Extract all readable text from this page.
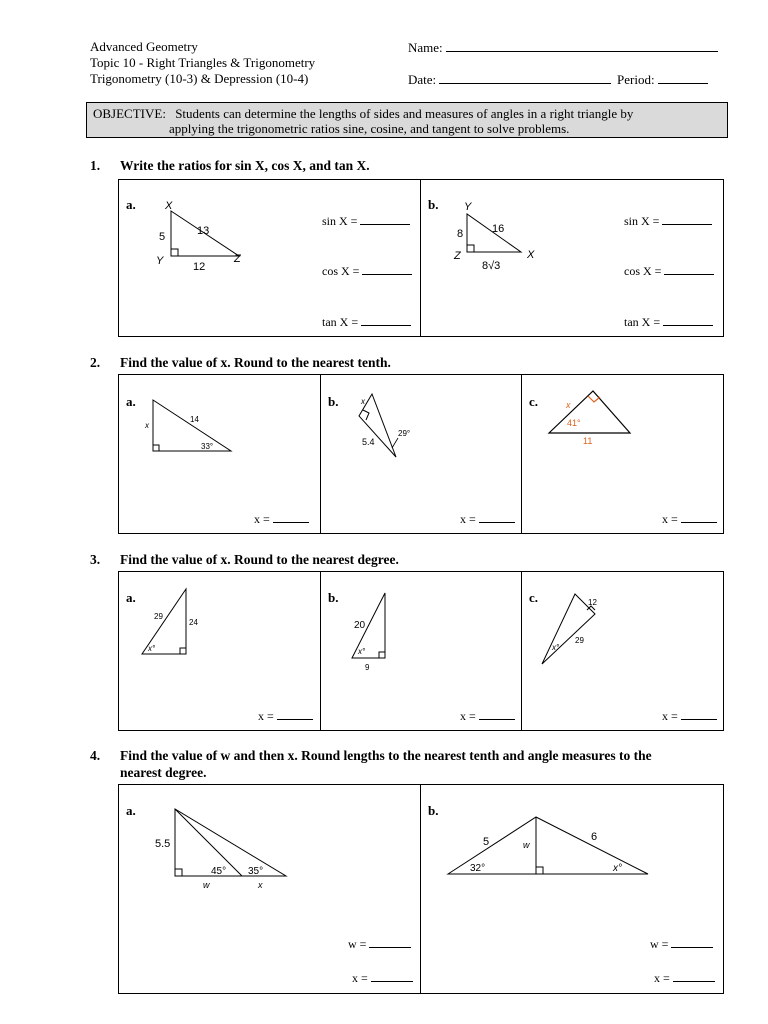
Advanced Geometry
Topic 10 - Right Triangles & Trigonometry
Trigonometry (10-3) & Depression (10-4)
Name:
Date:	Period:
OBJECTIVE: Students can determine the lengths of sides and measures of angles in a right triangle by
applying the trigonometric ratios sine, cosine, and tangent to solve problems.
1. Write the ratios for sin X, cos X, and tan X.
a.	X
Y	Z
5	13
12
sin X =
cos X =
tan X =
b. Y
Z	X
8	16
8√3
sin X =
cos X =
tan X =
2. Find the value of x. Round to the nearest tenth.
a.
x
14
33°
x =
b.	x
5.4
29°
x =
c.	x
41°
11
x =
3. Find the value of x. Round to the nearest degree.
a.
29
24
x°
x =
b.
20
9
x°
x =
c.	12
29
x°
x =
4. Find the value of w and then x. Round lengths to the nearest tenth and angle measures to the
nearest degree.
a.
5.5
45° 35°
w	x
w =
x =
b.
5	6
w
32°	x°
w =
x =
